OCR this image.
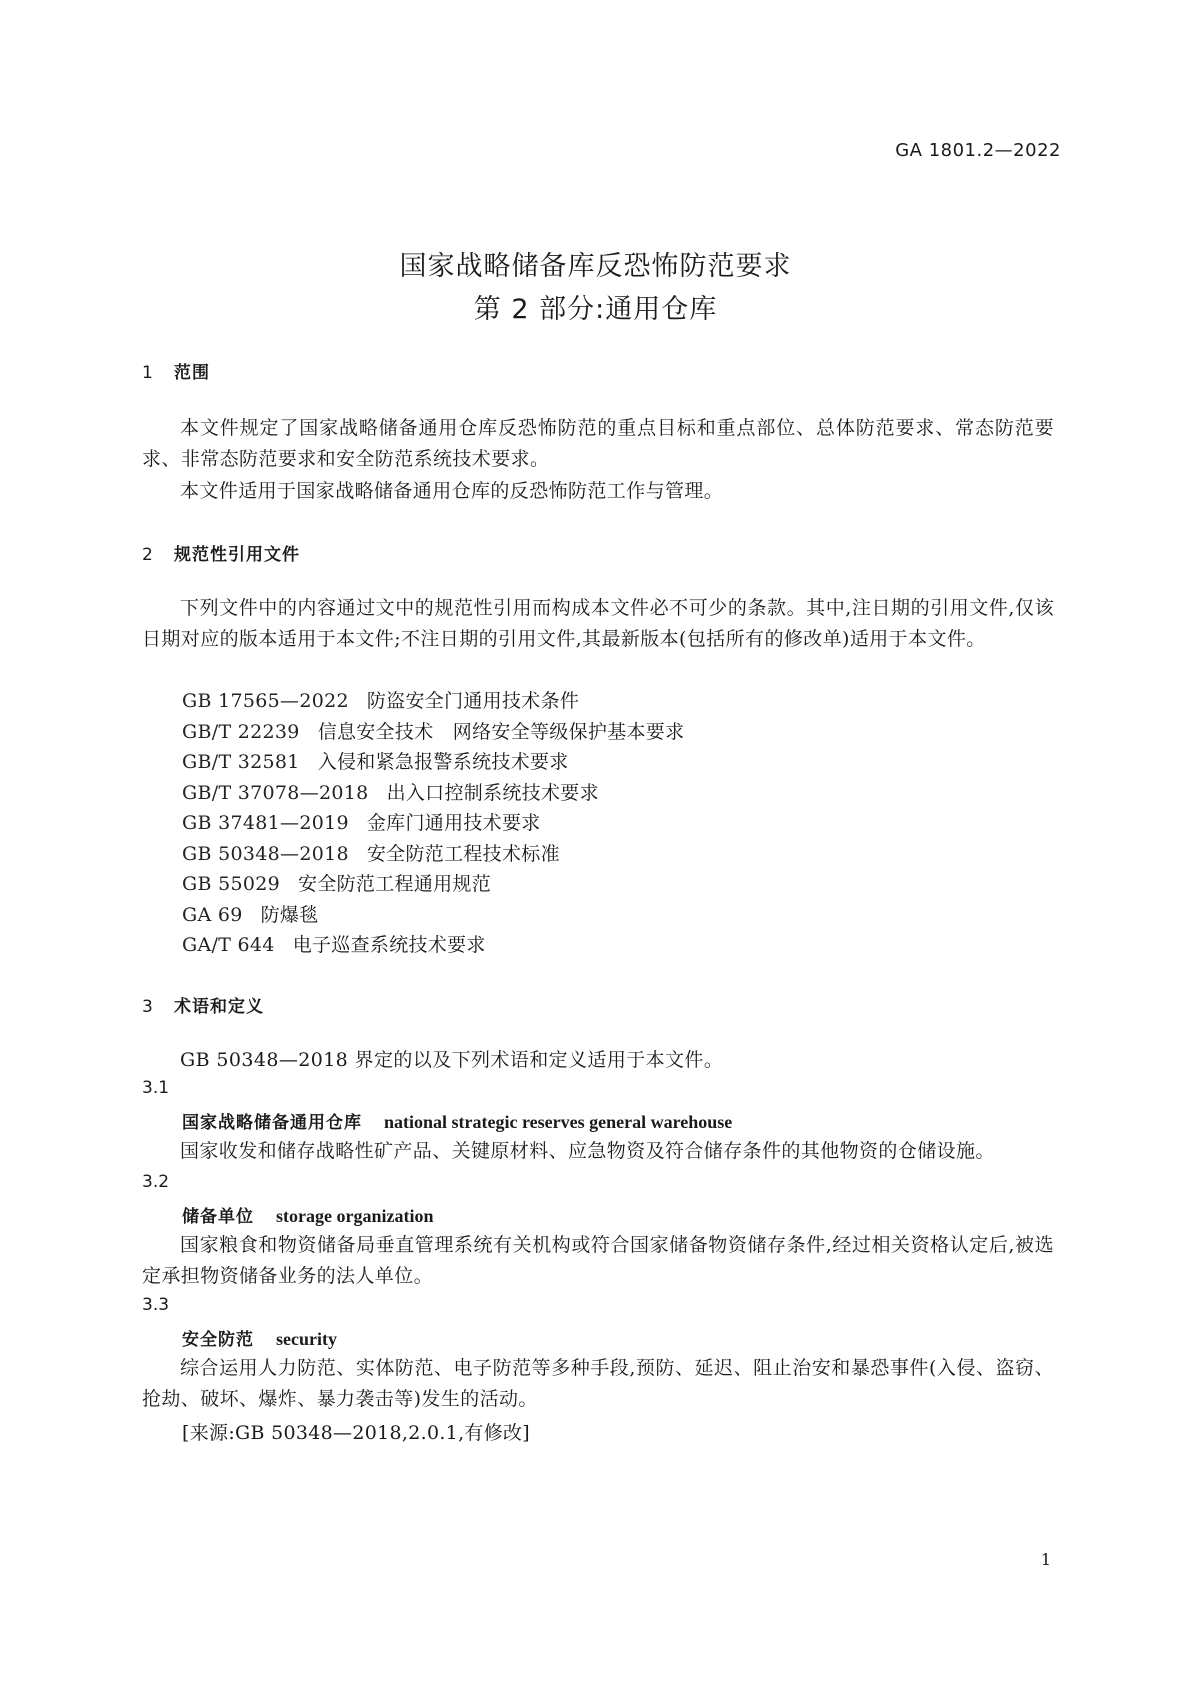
GA 1801.2—2022
国家战略储备库反恐怖防范要求
第 2 部分:通用仓库
1 范围
本文件规定了国家战略储备通用仓库反恐怖防范的重点目标和重点部位、总体防范要求、常态防范要求、非常态防范要求和安全防范系统技术要求。
本文件适用于国家战略储备通用仓库的反恐怖防范工作与管理。
2 规范性引用文件
下列文件中的内容通过文中的规范性引用而构成本文件必不可少的条款。其中,注日期的引用文件,仅该日期对应的版本适用于本文件;不注日期的引用文件,其最新版本(包括所有的修改单)适用于本文件。
GB 17565—2022 防盗安全门通用技术条件
GB/T 22239 信息安全技术　网络安全等级保护基本要求
GB/T 32581 入侵和紧急报警系统技术要求
GB/T 37078—2018 出入口控制系统技术要求
GB 37481—2019 金库门通用技术要求
GB 50348—2018 安全防范工程技术标准
GB 55029 安全防范工程通用规范
GA 69 防爆毯
GA/T 644 电子巡查系统技术要求
3 术语和定义
GB 50348—2018 界定的以及下列术语和定义适用于本文件。
3.1
国家战略储备通用仓库 national strategic reserves general warehouse
国家收发和储存战略性矿产品、关键原材料、应急物资及符合储存条件的其他物资的仓储设施。
3.2
储备单位 storage organization
国家粮食和物资储备局垂直管理系统有关机构或符合国家储备物资储存条件,经过相关资格认定后,被选定承担物资储备业务的法人单位。
3.3
安全防范 security
综合运用人力防范、实体防范、电子防范等多种手段,预防、延迟、阻止治安和暴恐事件(入侵、盗窃、抢劫、破坏、爆炸、暴力袭击等)发生的活动。
[来源:GB 50348—2018,2.0.1,有修改]
1
